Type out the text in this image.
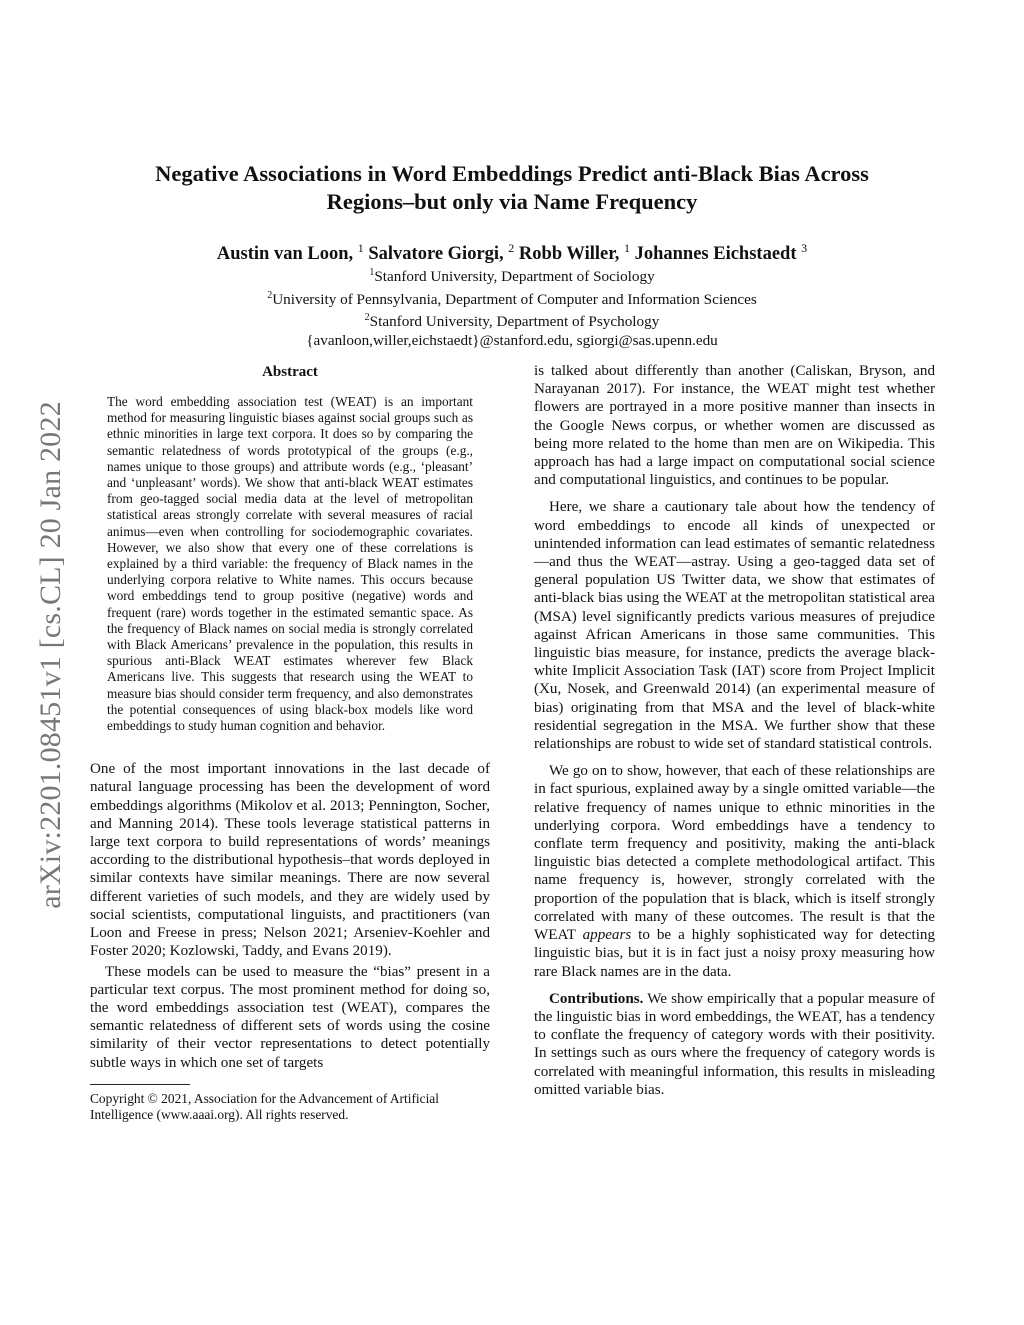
arXiv:2201.08451v1 [cs.CL] 20 Jan 2022
Negative Associations in Word Embeddings Predict anti-Black Bias Across
Regions–but only via Name Frequency
Austin van Loon, $^1$ Salvatore Giorgi, $^2$ Robb Willer, $^1$ Johannes Eichstaedt $^3$
$^1$Stanford University, Department of Sociology
$^2$University of Pennsylvania, Department of Computer and Information Sciences
$^2$Stanford University, Department of Psychology
{avanloon,willer,eichstaedt}@stanford.edu, sgiorgi@sas.upenn.edu
Abstract

The word embedding association test (WEAT) is an important method for measuring linguistic biases against social groups such as ethnic minorities in large text corpora. It does so by comparing the semantic relatedness of words prototypical of the groups (e.g., names unique to those groups) and attribute words (e.g., ‘pleasant’ and ‘unpleasant’ words). We show that anti-black WEAT estimates from geo-tagged social media data at the level of metropolitan statistical areas strongly correlate with several measures of racial animus—even when controlling for sociodemographic covariates. However, we also show that every one of these correlations is explained by a third variable: the frequency of Black names in the underlying corpora relative to White names. This occurs because word embeddings tend to group positive (negative) words and frequent (rare) words together in the estimated semantic space. As the frequency of Black names on social media is strongly correlated with Black Americans’ prevalence in the population, this results in spurious anti-Black WEAT estimates wherever few Black Americans live. This suggests that research using the WEAT to measure bias should consider term frequency, and also demonstrates the potential consequences of using black-box models like word embeddings to study human cognition and behavior.

One of the most important innovations in the last decade of natural language processing has been the development of word embeddings algorithms (Mikolov et al. 2013; Pennington, Socher, and Manning 2014). These tools leverage statistical patterns in large text corpora to build representations of words’ meanings according to the distributional hypothesis–that words deployed in similar contexts have similar meanings. There are now several different varieties of such models, and they are widely used by social scientists, computational linguists, and practitioners (van Loon and Freese in press; Nelson 2021; Arseniev-Koehler and Foster 2020; Kozlowski, Taddy, and Evans 2019).

These models can be used to measure the “bias” present in a particular text corpus. The most prominent method for doing so, the word embeddings association test (WEAT), compares the semantic relatedness of different sets of words using the cosine similarity of their vector representations to detect potentially subtle ways in which one set of targets

Copyright © 2021, Association for the Advancement of Artificial Intelligence (www.aaai.org). All rights reserved.

is talked about differently than another (Caliskan, Bryson, and Narayanan 2017). For instance, the WEAT might test whether flowers are portrayed in a more positive manner than insects in the Google News corpus, or whether women are discussed as being more related to the home than men are on Wikipedia. This approach has had a large impact on computational social science and computational linguistics, and continues to be popular.

Here, we share a cautionary tale about how the tendency of word embeddings to encode all kinds of unexpected or unintended information can lead estimates of semantic relatedness—and thus the WEAT—astray. Using a geo-tagged data set of general population US Twitter data, we show that estimates of anti-black bias using the WEAT at the metropolitan statistical area (MSA) level significantly predicts various measures of prejudice against African Americans in those same communities. This linguistic bias measure, for instance, predicts the average black-white Implicit Association Task (IAT) score from Project Implicit (Xu, Nosek, and Greenwald 2014) (an experimental measure of bias) originating from that MSA and the level of black-white residential segregation in the MSA. We further show that these relationships are robust to wide set of standard statistical controls.

We go on to show, however, that each of these relationships are in fact spurious, explained away by a single omitted variable—the relative frequency of names unique to ethnic minorities in the underlying corpora. Word embeddings have a tendency to conflate term frequency and positivity, making the anti-black linguistic bias detected a complete methodological artifact. This name frequency is, however, strongly correlated with the proportion of the population that is black, which is itself strongly correlated with many of these outcomes. The result is that the WEAT appears to be a highly sophisticated way for detecting linguistic bias, but it is in fact just a noisy proxy measuring how rare Black names are in the data.

Contributions. We show empirically that a popular measure of the linguistic bias in word embeddings, the WEAT, has a tendency to conflate the frequency of category words with their positivity. In settings such as ours where the frequency of category words is correlated with meaningful information, this results in misleading omitted variable bias.
